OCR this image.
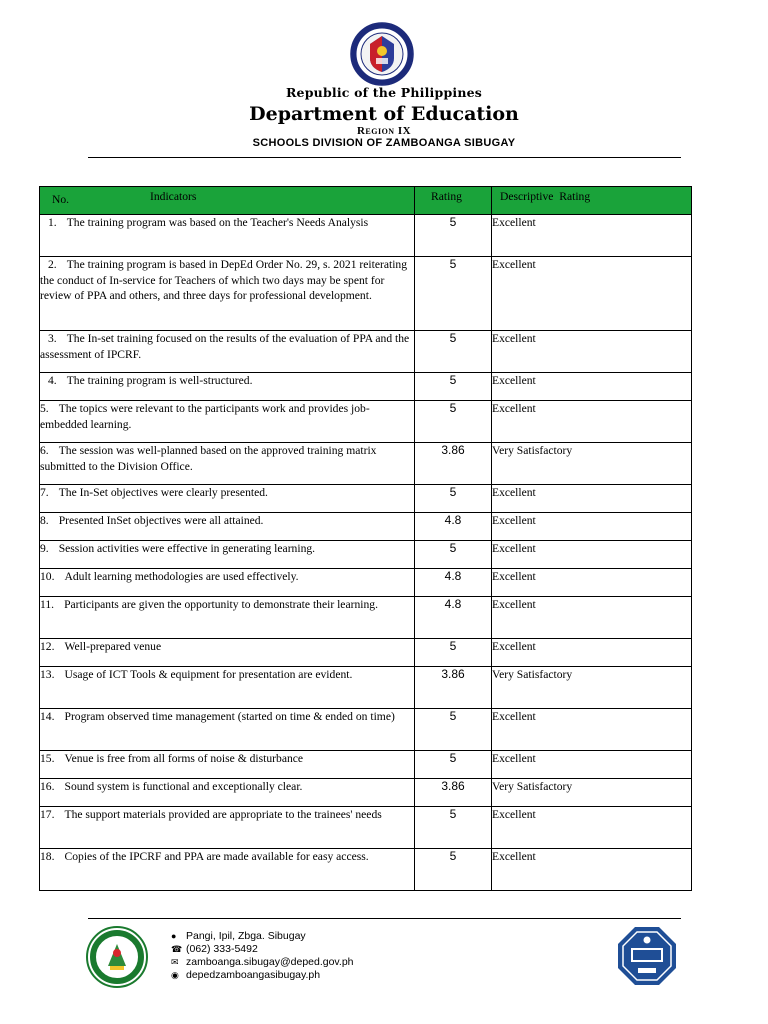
Republic of the Philippines
Department of Education
Region IX
SCHOOLS DIVISION OF ZAMBOANGA SIBUGAY
No. Indicators	Rating	Descriptive  Rating
1. The training program was based on the Teacher's Needs Analysis	5	Excellent
2. The training program is based in DepEd Order No. 29, s. 2021 reiterating the conduct of In-service for Teachers of which two days may be spent for review of PPA and others, and three days for professional development.	5	Excellent
3. The In-set training focused on the results of the evaluation of PPA and the assessment of IPCRF.	5	Excellent
4. The training program is well-structured.	5	Excellent
5. The topics were relevant to the participants work and provides job-embedded learning.	5	Excellent
6. The session was well-planned based on the approved training matrix submitted to the Division Office.	3.86	Very Satisfactory
7. The In-Set objectives were clearly presented.	5	Excellent
8. Presented InSet objectives were all attained.	4.8	Excellent
9. Session activities were effective in generating learning.	5	Excellent
10. Adult learning methodologies are used effectively.	4.8	Excellent
11. Participants are given the opportunity to demonstrate their learning.	4.8	Excellent
12. Well-prepared venue	5	Excellent
13. Usage of ICT Tools & equipment for presentation are evident.	3.86	Very Satisfactory
14. Program observed time management (started on time & ended on time)	5	Excellent
15. Venue is free from all forms of noise & disturbance	5	Excellent
16. Sound system is functional and exceptionally clear.	3.86	Very Satisfactory
17. The support materials provided are appropriate to the trainees' needs	5	Excellent
18. Copies of the IPCRF and PPA are made available for easy access.	5	Excellent
● Pangi, Ipil, Zbga. Sibugay
☎ (062) 333-5492
✉ zamboanga.sibugay@deped.gov.ph
◉ depedzamboangasibugay.ph
